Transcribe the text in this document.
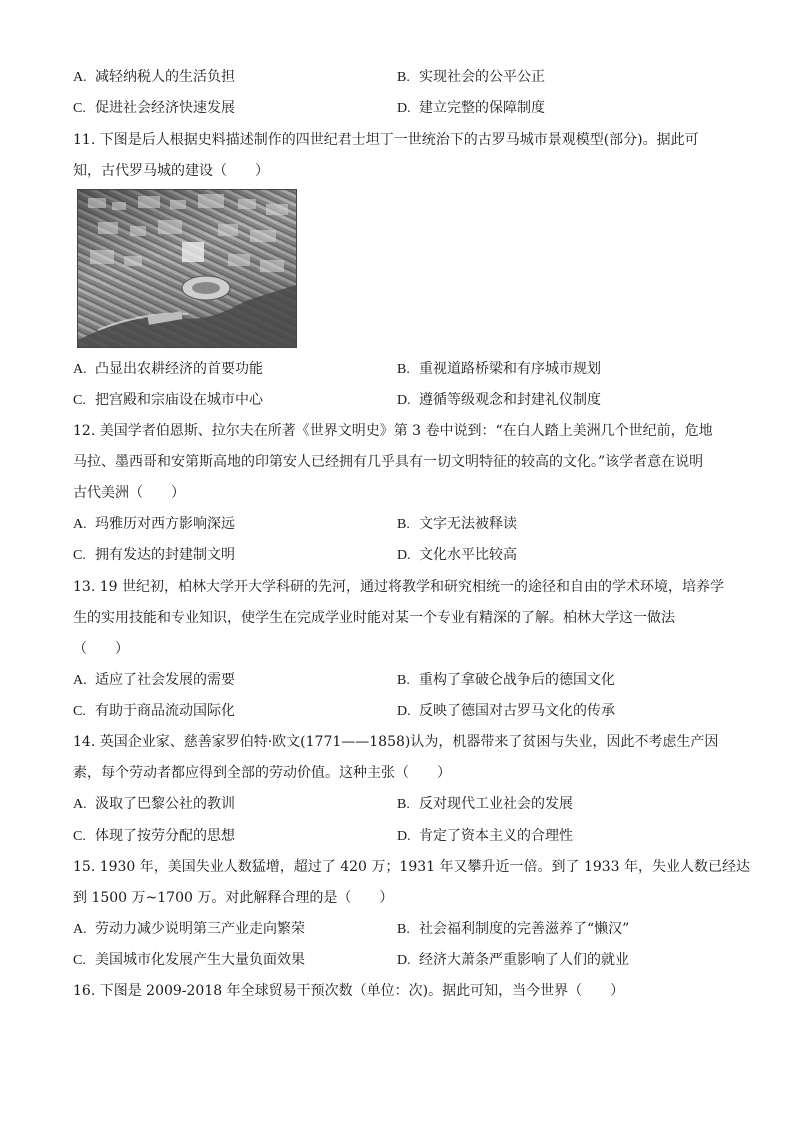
A. 减轻纳税人的生活负担	B. 实现社会的公平公正
C. 促进社会经济快速发展	D. 建立完整的保障制度
11. 下图是后人根据史料描述制作的四世纪君士坦丁一世统治下的古罗马城市景观模型(部分)。据此可
知，古代罗马城的建设（　　）
A. 凸显出农耕经济的首要功能	B. 重视道路桥梁和有序城市规划
C. 把宫殿和宗庙设在城市中心	D. 遵循等级观念和封建礼仪制度
12. 美国学者伯恩斯、拉尔夫在所著《世界文明史》第 3 卷中说到：“在白人踏上美洲几个世纪前，危地
马拉、墨西哥和安第斯高地的印第安人已经拥有几乎具有一切文明特征的较高的文化。”该学者意在说明
古代美洲（　　）
A. 玛雅历对西方影响深远	B. 文字无法被释读
C. 拥有发达的封建制文明	D. 文化水平比较高
13. 19 世纪初，柏林大学开大学科研的先河，通过将教学和研究相统一的途径和自由的学术环境，培养学
生的实用技能和专业知识，使学生在完成学业时能对某一个专业有精深的了解。柏林大学这一做法
（　　）
A. 适应了社会发展的需要	B. 重构了拿破仑战争后的德国文化
C. 有助于商品流动国际化	D. 反映了德国对古罗马文化的传承
14. 英国企业家、慈善家罗伯特·欧文(1771——1858)认为，机器带来了贫困与失业，因此不考虑生产因
素，每个劳动者都应得到全部的劳动价值。这种主张（　　）
A. 汲取了巴黎公社的教训	B. 反对现代工业社会的发展
C. 体现了按劳分配的思想	D. 肯定了资本主义的合理性
15. 1930 年，美国失业人数猛增，超过了 420 万；1931 年又攀升近一倍。到了 1933 年，失业人数已经达
到 1500 万~1700 万。对此解释合理的是（　　）
A. 劳动力减少说明第三产业走向繁荣	B. 社会福利制度的完善滋养了“懒汉”
C. 美国城市化发展产生大量负面效果	D. 经济大萧条严重影响了人们的就业
16. 下图是 2009-2018 年全球贸易干预次数（单位：次)。据此可知，当今世界（　　）
